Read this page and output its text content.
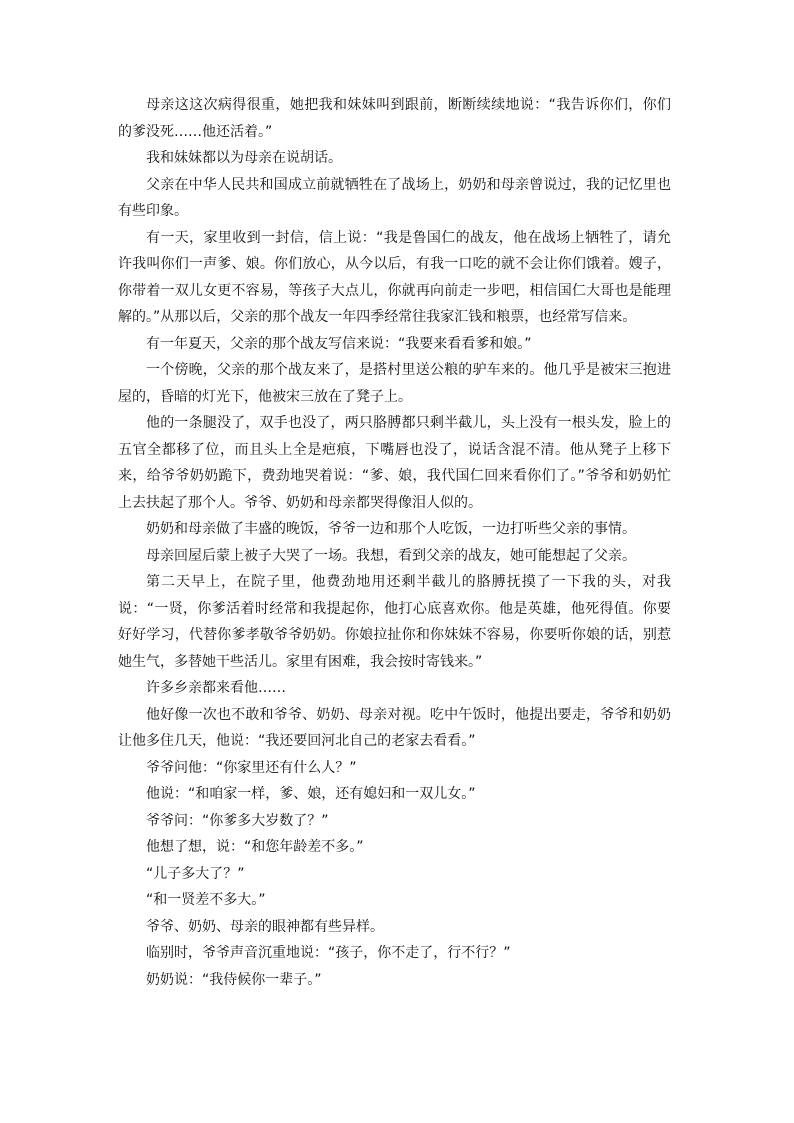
母亲这这次病得很重，她把我和妹妹叫到跟前，断断续续地说：“我告诉你们，你们的爹没死……他还活着。”

我和妹妹都以为母亲在说胡话。

父亲在中华人民共和国成立前就牺牲在了战场上，奶奶和母亲曾说过，我的记忆里也有些印象。

有一天，家里收到一封信，信上说：“我是鲁国仁的战友，他在战场上牺牲了，请允许我叫你们一声爹、娘。你们放心，从今以后，有我一口吃的就不会让你们饿着。嫂子，你带着一双儿女更不容易，等孩子大点儿，你就再向前走一步吧，相信国仁大哥也是能理解的。”从那以后，父亲的那个战友一年四季经常往我家汇钱和粮票，也经常写信来。

有一年夏天，父亲的那个战友写信来说：“我要来看看爹和娘。”

一个傍晚，父亲的那个战友来了，是搭村里送公粮的驴车来的。他几乎是被宋三抱进屋的，昏暗的灯光下，他被宋三放在了凳子上。

他的一条腿没了，双手也没了，两只胳膊都只剩半截儿，头上没有一根头发，脸上的五官全都移了位，而且头上全是疤痕，下嘴唇也没了，说话含混不清。他从凳子上移下来，给爷爷奶奶跪下，费劲地哭着说：“爹、娘，我代国仁回来看你们了。”爷爷和奶奶忙上去扶起了那个人。爷爷、奶奶和母亲都哭得像泪人似的。

奶奶和母亲做了丰盛的晚饭，爷爷一边和那个人吃饭，一边打听些父亲的事情。

母亲回屋后蒙上被子大哭了一场。我想，看到父亲的战友，她可能想起了父亲。

第二天早上，在院子里，他费劲地用还剩半截儿的胳膊抚摸了一下我的头，对我说：“一贤，你爹活着时经常和我提起你，他打心底喜欢你。他是英雄，他死得值。你要好好学习，代替你爹孝敬爷爷奶奶。你娘拉扯你和你妹妹不容易，你要听你娘的话，别惹她生气，多替她干些活儿。家里有困难，我会按时寄钱来。”

许多乡亲都来看他……

他好像一次也不敢和爷爷、奶奶、母亲对视。吃中午饭时，他提出要走，爷爷和奶奶让他多住几天，他说：“我还要回河北自己的老家去看看。”

爷爷问他：“你家里还有什么人？”

他说：“和咱家一样，爹、娘，还有媳妇和一双儿女。”

爷爷问：“你爹多大岁数了？”

他想了想，说：“和您年龄差不多。”

“儿子多大了？”

“和一贤差不多大。”

爷爷、奶奶、母亲的眼神都有些异样。

临别时，爷爷声音沉重地说：“孩子，你不走了，行不行？”

奶奶说：“我侍候你一辈子。”
